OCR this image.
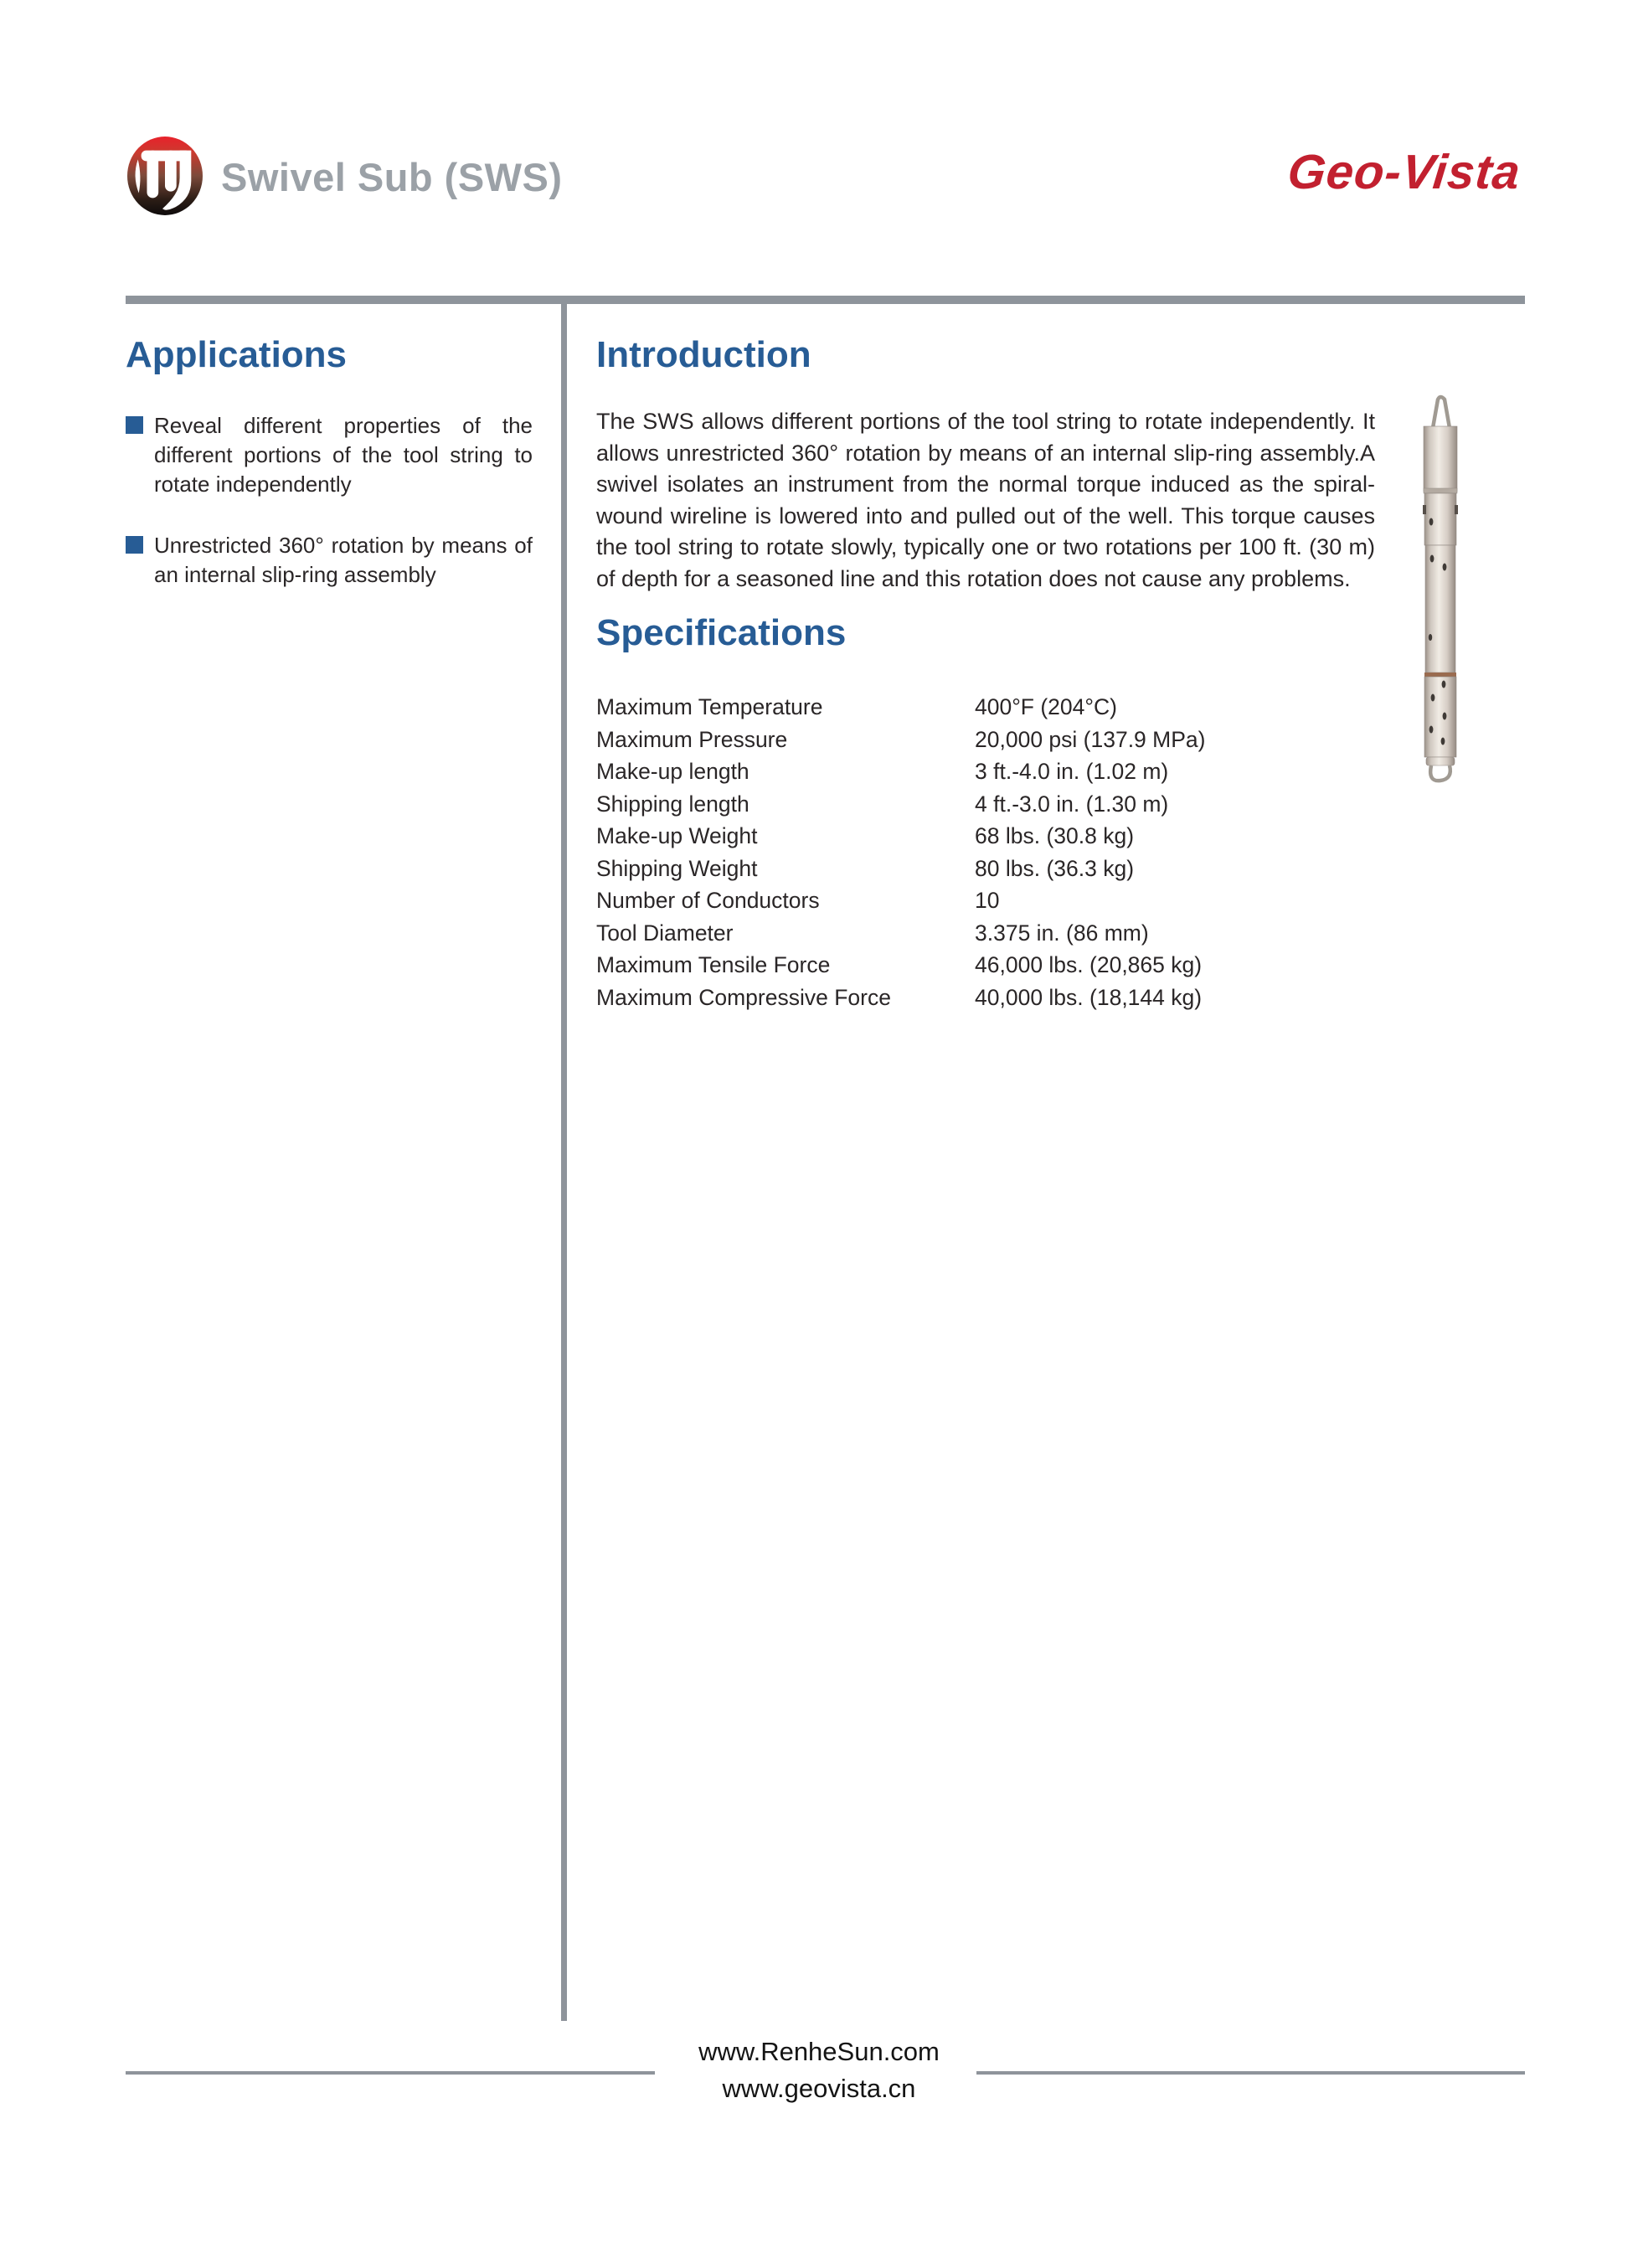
Swivel Sub (SWS)	Geo-Vista
Applications
Reveal different properties of the different portions of the tool string to rotate independently
Unrestricted 360° rotation by means of an internal slip-ring assembly
Introduction

The SWS allows different portions of the tool string to rotate independently. It allows unrestricted 360° rotation by means of an internal slip-ring assembly.A swivel isolates an instrument from the normal torque induced as the spiral-wound wireline is lowered into and pulled out of the well. This torque causes the tool string to rotate slowly, typically one or two rotations per 100 ft. (30 m) of depth for a seasoned line and this rotation does not cause any problems.

Specifications
Maximum Temperature	400°F (204°C)
Maximum Pressure	20,000 psi (137.9 MPa)
Make-up length	3 ft.-4.0 in. (1.02 m)
Shipping length	4 ft.-3.0 in. (1.30 m)
Make-up Weight	68 lbs. (30.8 kg)
Shipping Weight	80 lbs. (36.3 kg)
Number of Conductors	10
Tool Diameter	3.375 in. (86 mm)
Maximum Tensile Force	46,000 lbs. (20,865 kg)
Maximum Compressive Force	40,000 lbs. (18,144 kg)
www.RenheSun.com
www.geovista.cn
